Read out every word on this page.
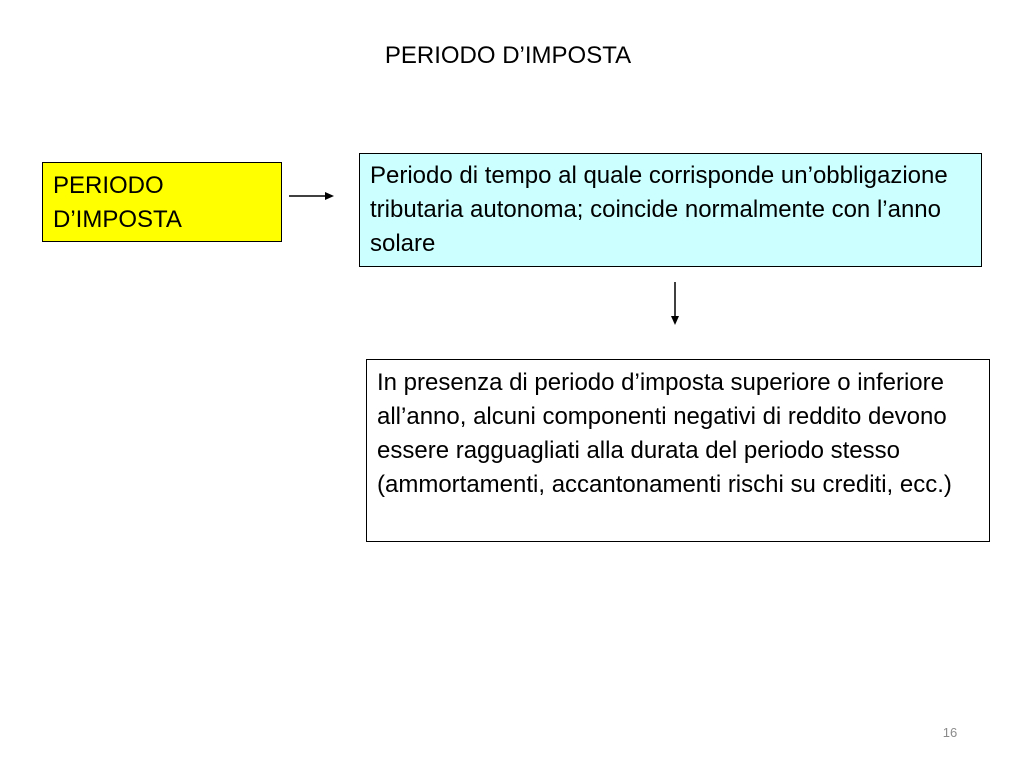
PERIODO D’IMPOSTA
PERIODO D’IMPOSTA
Periodo di tempo al quale corrisponde un’obbligazione tributaria autonoma; coincide normalmente con l’anno solare
In presenza di periodo d’imposta superiore o inferiore all’anno, alcuni componenti negativi di reddito devono essere ragguagliati alla durata del periodo stesso (ammortamenti, accantonamenti rischi su crediti, ecc.)
16
